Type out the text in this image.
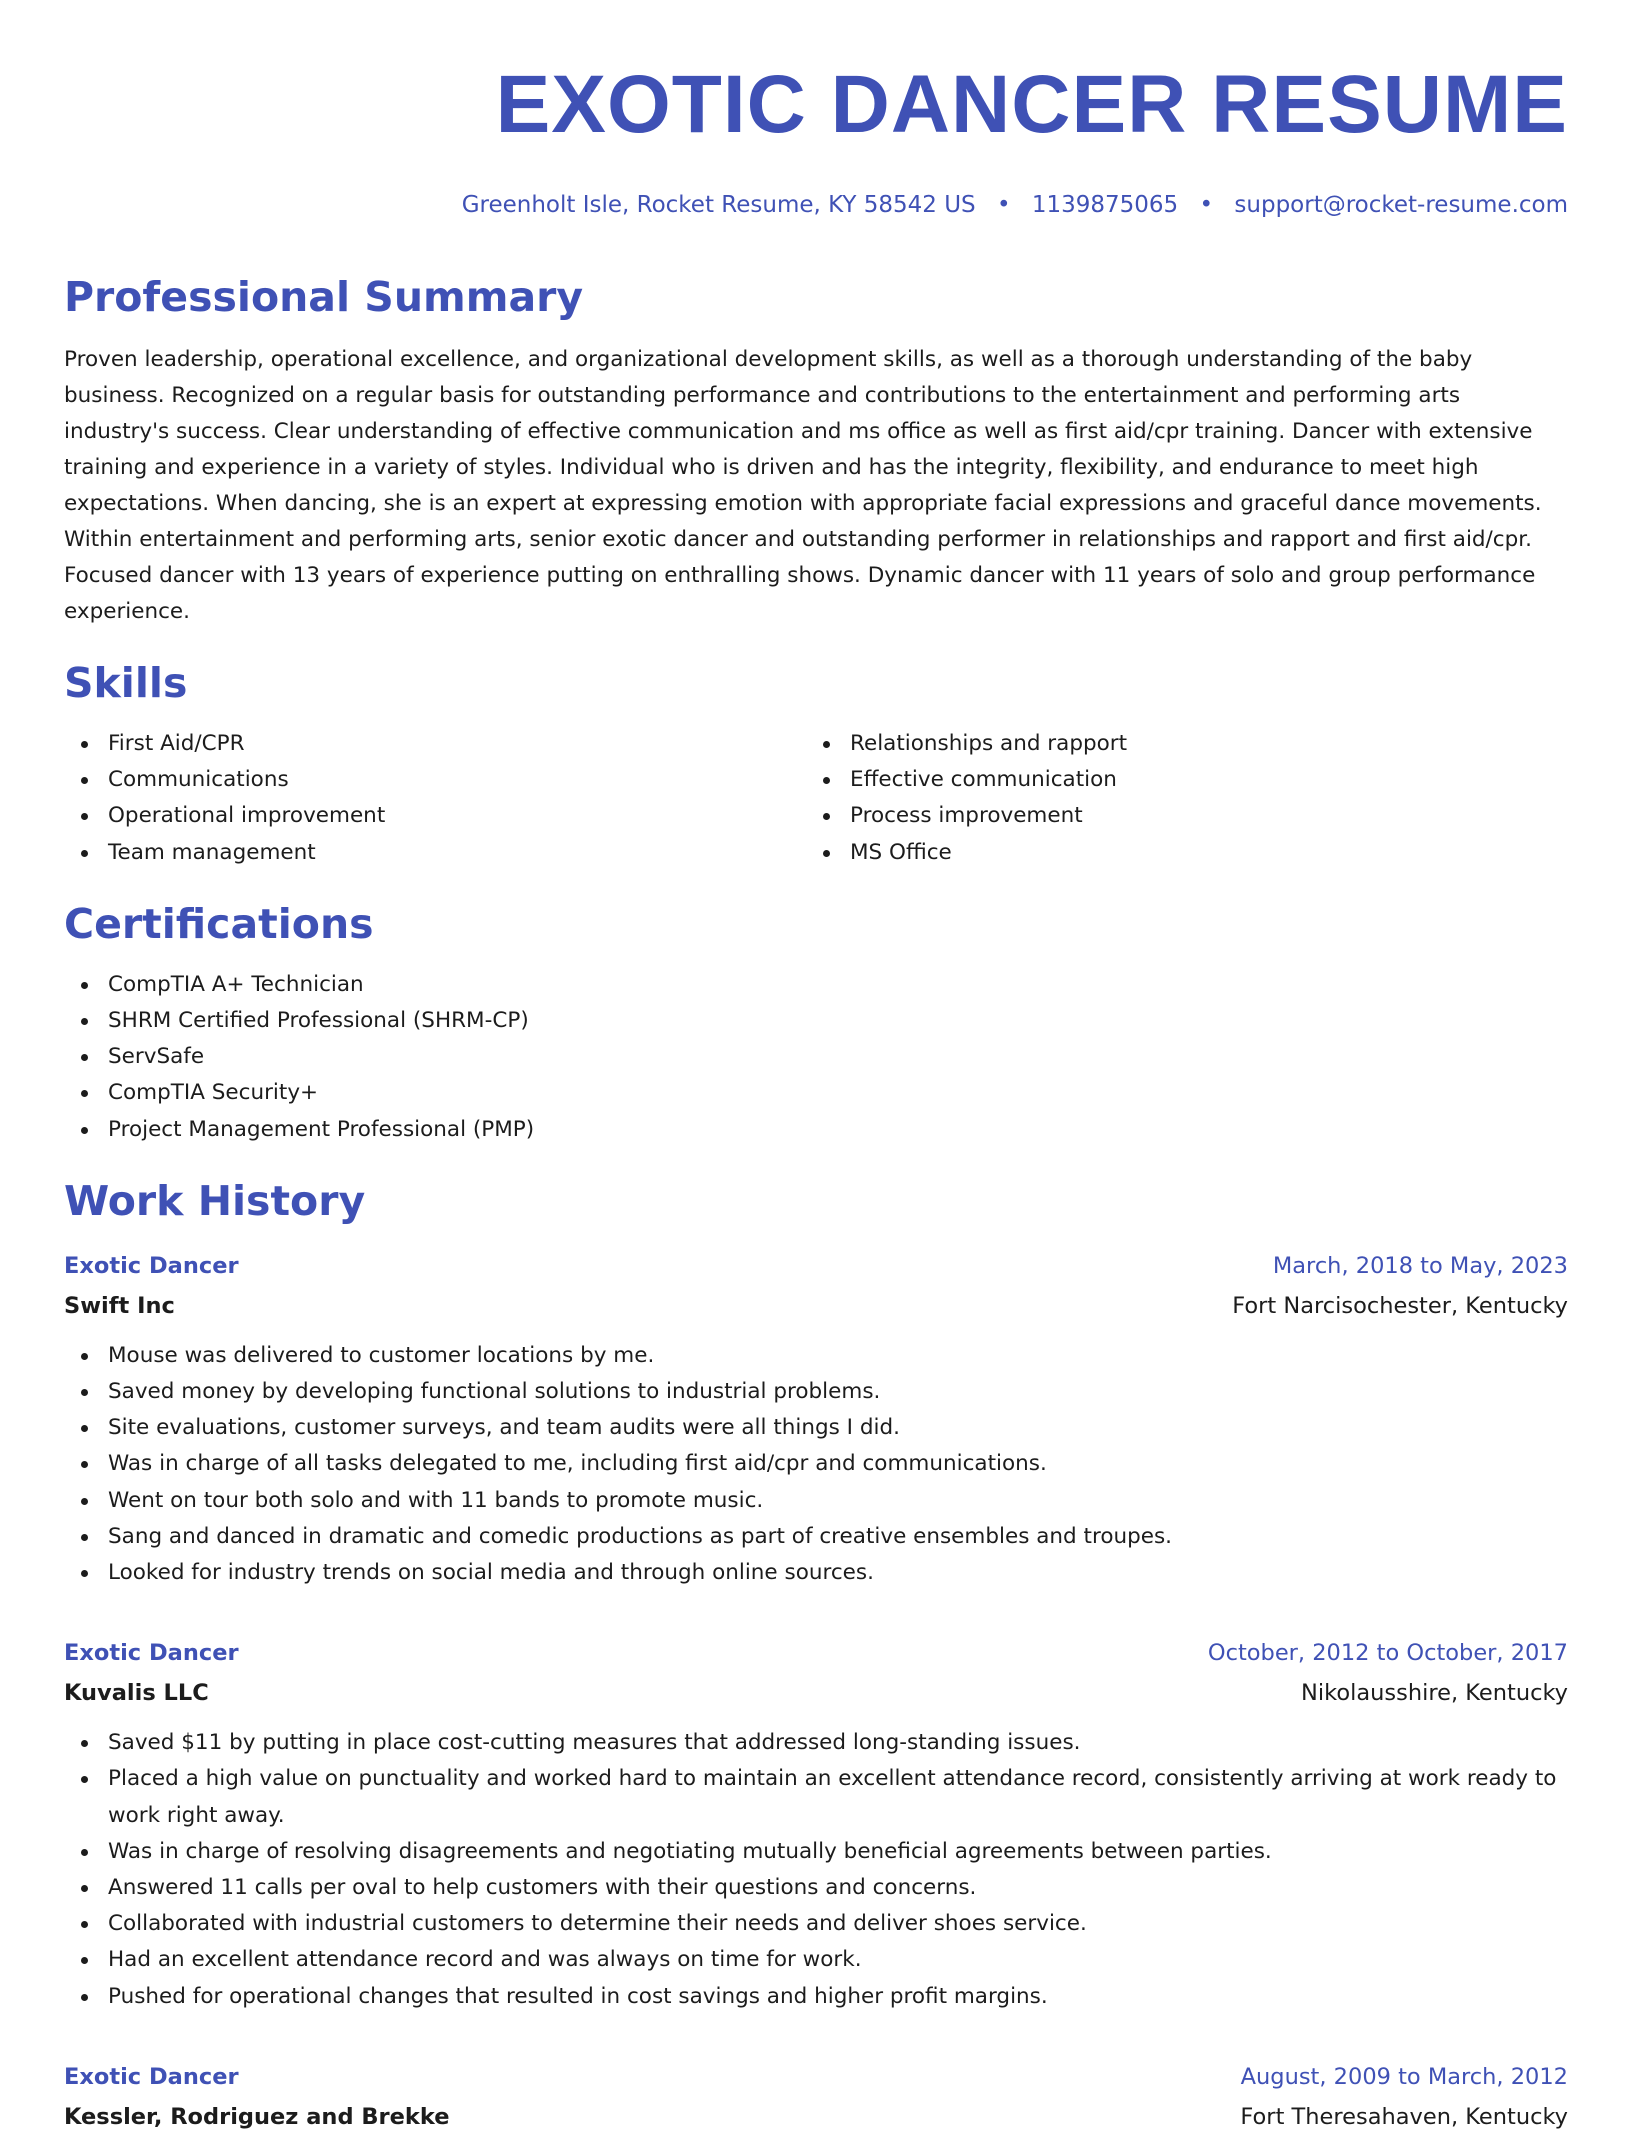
EXOTIC DANCER RESUME
Greenholt Isle, Rocket Resume, KY 58542 US • 1139875065 • support@rocket-resume.com
Professional Summary

Proven leadership, operational excellence, and organizational development skills, as well as a thorough understanding of the baby business. Recognized on a regular basis for outstanding performance and contributions to the entertainment and performing arts industry's success. Clear understanding of effective communication and ms office as well as first aid/cpr training. Dancer with extensive training and experience in a variety of styles. Individual who is driven and has the integrity, flexibility, and endurance to meet high expectations. When dancing, she is an expert at expressing emotion with appropriate facial expressions and graceful dance movements. Within entertainment and performing arts, senior exotic dancer and outstanding performer in relationships and rapport and first aid/cpr. Focused dancer with 13 years of experience putting on enthralling shows. Dynamic dancer with 11 years of solo and group performance experience.

Skills
First Aid/CPR
Communications
Operational improvement
Team management
Relationships and rapport
Effective communication
Process improvement
MS Office
Certifications
CompTIA A+ Technician
SHRM Certified Professional (SHRM-CP)
ServSafe
CompTIA Security+
Project Management Professional (PMP)
Work History
Exotic Dancer	March, 2018 to May, 2023
Swift Inc	Fort Narcisochester, Kentucky
Mouse was delivered to customer locations by me.
Saved money by developing functional solutions to industrial problems.
Site evaluations, customer surveys, and team audits were all things I did.
Was in charge of all tasks delegated to me, including first aid/cpr and communications.
Went on tour both solo and with 11 bands to promote music.
Sang and danced in dramatic and comedic productions as part of creative ensembles and troupes.
Looked for industry trends on social media and through online sources.
Exotic Dancer	October, 2012 to October, 2017
Kuvalis LLC	Nikolausshire, Kentucky
Saved $11 by putting in place cost-cutting measures that addressed long-standing issues.
Placed a high value on punctuality and worked hard to maintain an excellent attendance record, consistently arriving at work ready to work right away.
Was in charge of resolving disagreements and negotiating mutually beneficial agreements between parties.
Answered 11 calls per oval to help customers with their questions and concerns.
Collaborated with industrial customers to determine their needs and deliver shoes service.
Had an excellent attendance record and was always on time for work.
Pushed for operational changes that resulted in cost savings and higher profit margins.
Exotic Dancer	August, 2009 to March, 2012
Kessler, Rodriguez and Brekke	Fort Theresahaven, Kentucky
